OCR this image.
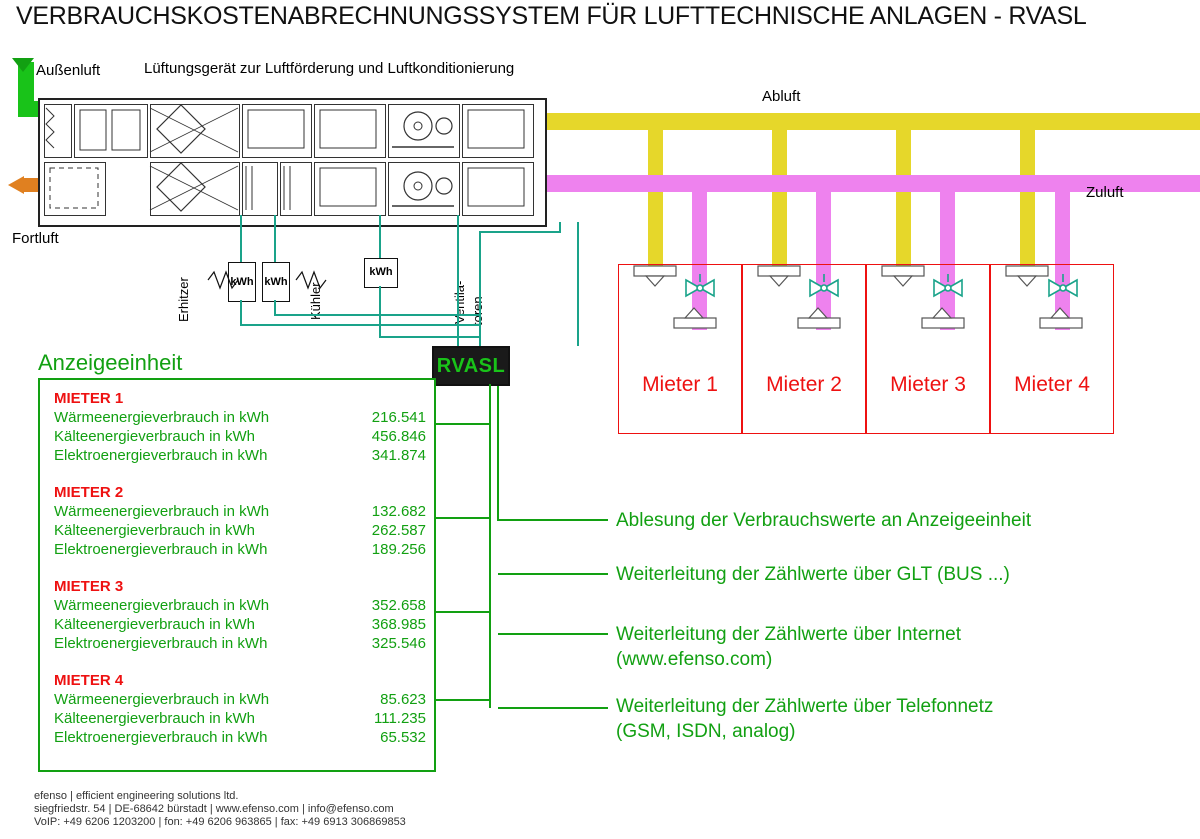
VERBRAUCHSKOSTENABRECHNUNGSSYSTEM FÜR LUFTTECHNISCHE ANLAGEN - RVASL
Außenluft	Lüftungsgerät zur Luftförderung und Luftkonditionierung
Abluft
Zuluft
Fortluft
Erhitzer	Kühler	Ventila- toren
kWh kWh
kWh
Mieter 1	Mieter 2	Mieter 3	Mieter 4
RVASL
Anzeigeeinheit
MIETER 1
Wärmeenergieverbrauch in kWh	216.541
Kälteenergieverbrauch in kWh	456.846
Elektroenergieverbrauch in kWh	341.874
MIETER 2
Wärmeenergieverbrauch in kWh	132.682
Kälteenergieverbrauch in kWh	262.587
Elektroenergieverbrauch in kWh	189.256
MIETER 3
Wärmeenergieverbrauch in kWh	352.658
Kälteenergieverbrauch in kWh	368.985
Elektroenergieverbrauch in kWh	325.546
MIETER 4
Wärmeenergieverbrauch in kWh	85.623
Kälteenergieverbrauch in kWh	111.235
Elektroenergieverbrauch in kWh	65.532
Ablesung der Verbrauchswerte an Anzeigeeinheit
Weiterleitung der Zählwerte über GLT (BUS ...)
Weiterleitung der Zählwerte über Internet
(www.efenso.com)
Weiterleitung der Zählwerte über Telefonnetz
(GSM, ISDN, analog)
efenso | efficient engineering solutions ltd.
siegfriedstr. 54 | DE-68642 bürstadt | www.efenso.com | info@efenso.com
VoIP: +49 6206 1203200 | fon: +49 6206 963865 | fax: +49 6913 306869853
